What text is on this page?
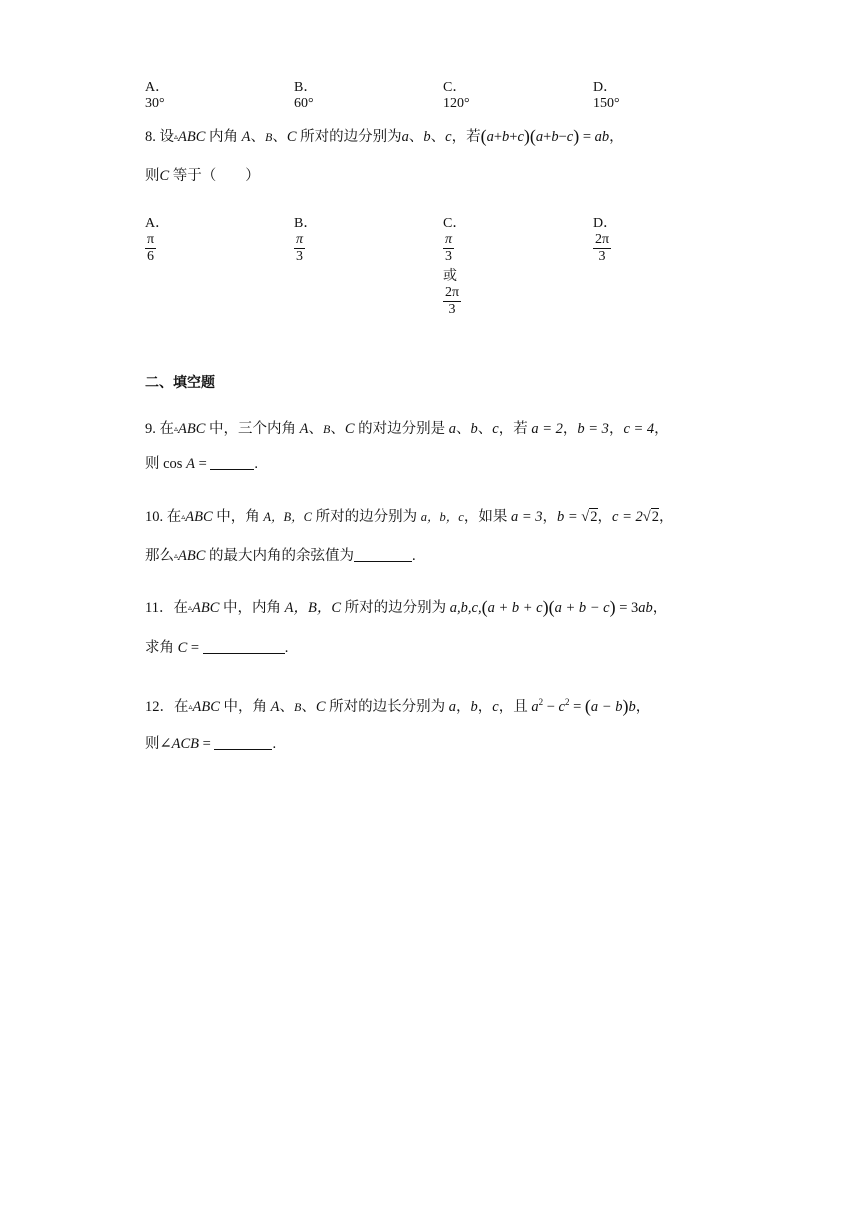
A．30°
B．60°
C．120°
D．150°
8. 设▵ABC 内角 A、B、C 所对的边分别为a、b、c，若(a+b+c)(a+b−c) = ab，
则C 等于（　　）
A．
$\frac{\pi}{6}$
B．
$\frac{\pi}{3}$
C．
$\frac{\pi}{3}$
或
$\frac{2\pi}{3}$
D．
$\frac{2\pi}{3}$
二、填空题
9. 在▵ABC 中，三个内角 A、B、C 的对边分别是 a、b、c，若 a = 2，b = 3，c = 4，
则 cos A =	.
10. 在▵ABC 中，角 A，B，C 所对的边分别为 a，b，c，如果 a = 3，b = √2，c = 2√2，
那么▵ABC 的最大内角的余弦值为	.
11．在▵ABC 中，内角 A，B，C 所对的边分别为 a,b,c,(a + b + c)(a + b − c) = 3ab，
求角 C =	.
12．在▵ABC 中，角 A、B、C 所对的边长分别为 a，b，c，且 $a^2 - c^2 = (a - b)b$，
则∠ACB =	.
